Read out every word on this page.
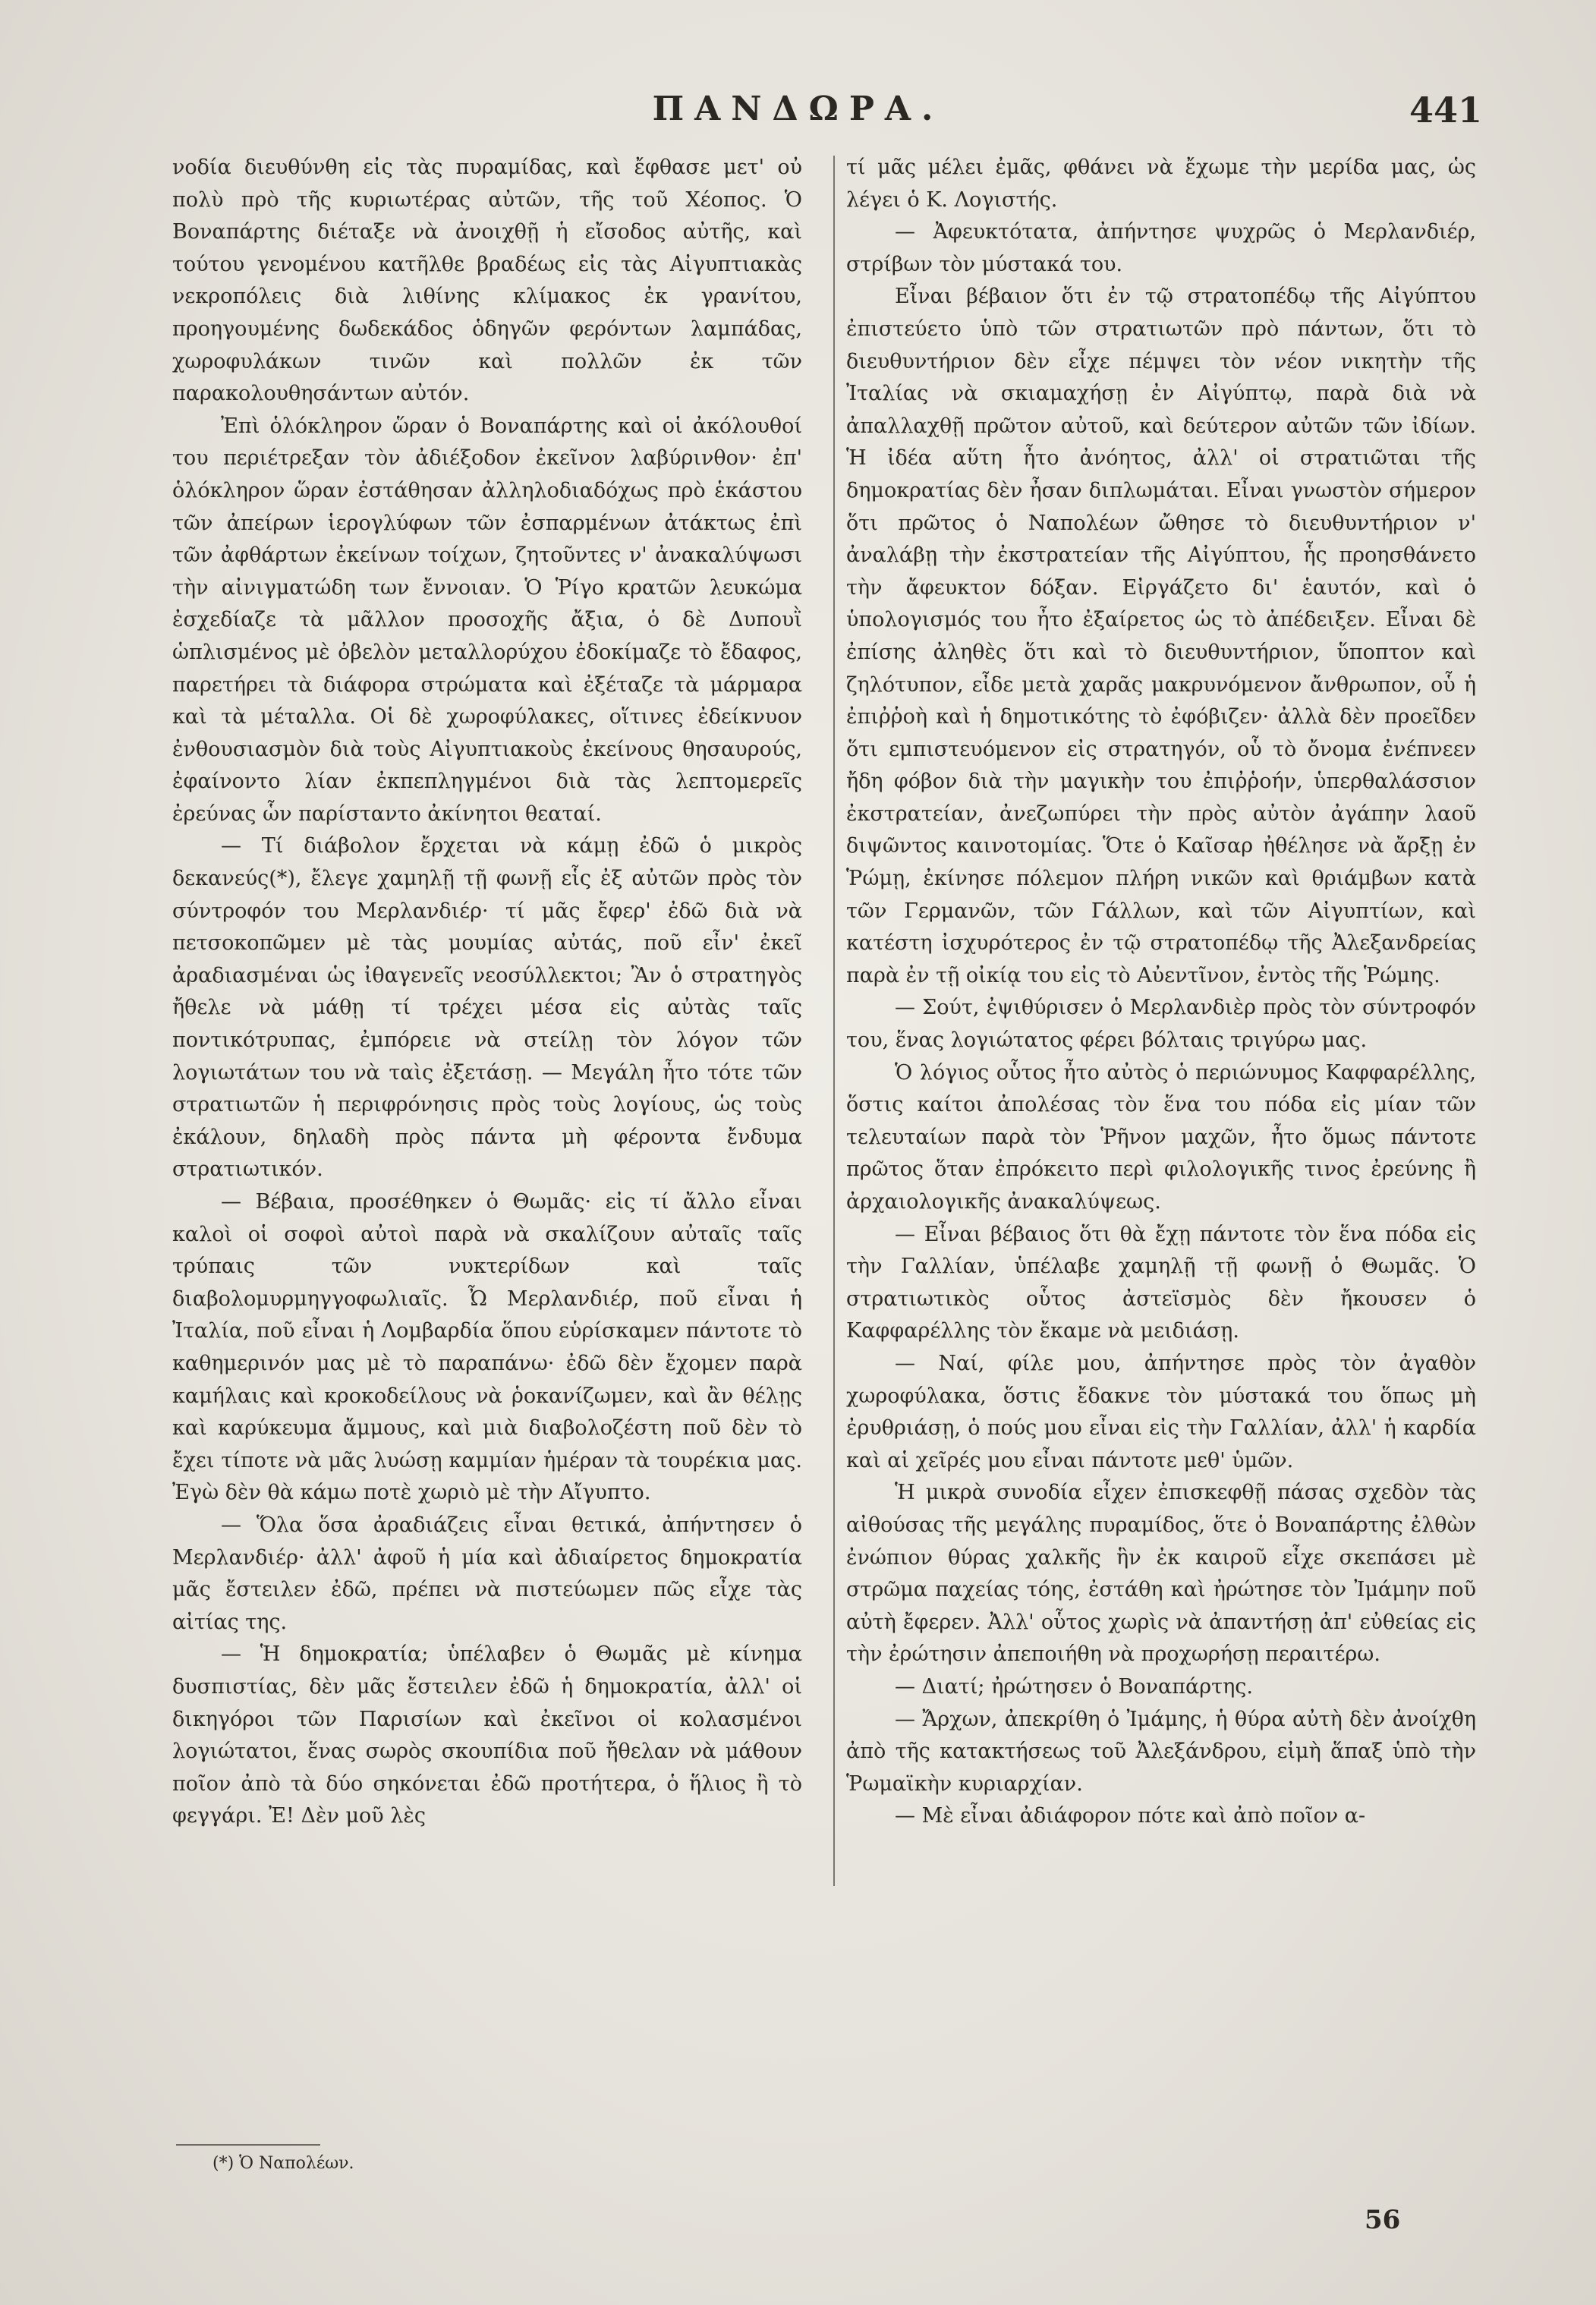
ΠΑΝΔΩΡΑ.	441

νοδία διευθύνθη εἰς τὰς πυραμίδας, καὶ ἔφθασε μετ' οὐ πολὺ πρὸ τῆς κυριωτέρας αὐτῶν, τῆς τοῦ Χέοπος. Ὁ Βοναπάρτης διέταξε νὰ ἀνοιχθῇ ἡ εἴσοδος αὐτῆς, καὶ τούτου γενομένου κατῆλθε βραδέως εἰς τὰς Αἰγυπτιακὰς νεκροπόλεις διὰ λιθίνης κλίμακος ἐκ γρανίτου, προηγουμένης δωδεκάδος ὁδηγῶν φερόντων λαμπάδας, χωροφυλάκων τινῶν καὶ πολλῶν ἐκ τῶν παρακολουθησάντων αὐτόν.

Ἐπὶ ὁλόκληρον ὥραν ὁ Βοναπάρτης καὶ οἱ ἀκόλουθοί του περιέτρεξαν τὸν ἀδιέξοδον ἐκεῖνον λαβύρινθον· ἐπ' ὁλόκληρον ὥραν ἐστάθησαν ἀλληλοδιαδόχως πρὸ ἑκάστου τῶν ἀπείρων ἱερογλύφων τῶν ἐσπαρμένων ἀτάκτως ἐπὶ τῶν ἀφθάρτων ἐκείνων τοίχων, ζητοῦντες ν' ἀνακαλύψωσι τὴν αἰνιγματώδη των ἔννοιαν. Ὁ Ῥίγο κρατῶν λευκώμα ἐσχεδίαζε τὰ μᾶλλον προσοχῆς ἄξια, ὁ δὲ Δυπουῒ ὡπλισμένος μὲ ὀβελὸν μεταλλορύχου ἐδοκίμαζε τὸ ἔδαφος, παρετήρει τὰ διάφορα στρώματα καὶ ἐξέταζε τὰ μάρμαρα καὶ τὰ μέταλλα. Οἱ δὲ χωροφύλακες, οἵτινες ἐδείκνυον ἐνθουσιασμὸν διὰ τοὺς Αἰγυπτιακοὺς ἐκείνους θησαυρούς, ἐφαίνοντο λίαν ἐκπεπληγμένοι διὰ τὰς λεπτομερεῖς ἐρεύνας ὧν παρίσταντο ἀκίνητοι θεαταί.

— Τί διάβολον ἔρχεται νὰ κάμῃ ἐδῶ ὁ μικρὸς δεκανεύς(*), ἔλεγε χαμηλῇ τῇ φωνῇ εἷς ἐξ αὐτῶν πρὸς τὸν σύντροφόν του Μερλανδιέρ· τί μᾶς ἔφερ' ἐδῶ διὰ νὰ πετσοκοπῶμεν μὲ τὰς μουμίας αὐτάς, ποῦ εἶν' ἐκεῖ ἀραδιασμέναι ὡς ἰθαγενεῖς νεοσύλλεκτοι; Ἂν ὁ στρατηγὸς ἤθελε νὰ μάθῃ τί τρέχει μέσα εἰς αὐτὰς ταῖς ποντικότρυπας, ἐμπόρειε νὰ στείλῃ τὸν λόγον τῶν λογιωτάτων του νὰ ταὶς ἐξετάσῃ. — Μεγάλη ἦτο τότε τῶν στρατιωτῶν ἡ περιφρόνησις πρὸς τοὺς λογίους, ὡς τοὺς ἐκάλουν, δηλαδὴ πρὸς πάντα μὴ φέροντα ἔνδυμα στρατιωτικόν.

— Βέβαια, προσέθηκεν ὁ Θωμᾶς· εἰς τί ἄλλο εἶναι καλοὶ οἱ σοφοὶ αὐτοὶ παρὰ νὰ σκαλίζουν αὐταῖς ταῖς τρύπαις τῶν νυκτερίδων καὶ ταῖς διαβολομυρμηγγοφωλιαῖς. Ὦ Μερλανδιέρ, ποῦ εἶναι ἡ Ἰταλία, ποῦ εἶναι ἡ Λομβαρδία ὅπου εὑρίσκαμεν πάντοτε τὸ καθημερινόν μας μὲ τὸ παραπάνω· ἐδῶ δὲν ἔχομεν παρὰ καμήλαις καὶ κροκοδείλους νὰ ῥοκανίζωμεν, καὶ ἂν θέλῃς καὶ καρύκευμα ἄμμους, καὶ μιὰ διαβολοζέστη ποῦ δὲν τὸ ἔχει τίποτε νὰ μᾶς λυώσῃ καμμίαν ἡμέραν τὰ τουρέκια μας. Ἐγὼ δὲν θὰ κάμω ποτὲ χωριὸ μὲ τὴν Αἴγυπτο.

— Ὅλα ὅσα ἀραδιάζεις εἶναι θετικά, ἀπήντησεν ὁ Μερλανδιέρ· ἀλλ' ἀφοῦ ἡ μία καὶ ἀδιαίρετος δημοκρατία μᾶς ἔστειλεν ἐδῶ, πρέπει νὰ πιστεύωμεν πῶς εἶχε τὰς αἰτίας της.

— Ἡ δημοκρατία; ὑπέλαβεν ὁ Θωμᾶς μὲ κίνημα δυσπιστίας, δὲν μᾶς ἔστειλεν ἐδῶ ἡ δημοκρατία, ἀλλ' οἱ δικηγόροι τῶν Παρισίων καὶ ἐκεῖνοι οἱ κολασμένοι λογιώτατοι, ἕνας σωρὸς σκουπίδια ποῦ ἤθελαν νὰ μάθουν ποῖον ἀπὸ τὰ δύο σηκόνεται ἐδῶ προτήτερα, ὁ ἥλιος ἢ τὸ φεγγάρι. Ἐ! Δὲν μοῦ λὲς

τί μᾶς μέλει ἐμᾶς, φθάνει νὰ ἔχωμε τὴν μερίδα μας, ὡς λέγει ὁ Κ. Λογιστής.

— Ἀφευκτότατα, ἀπήντησε ψυχρῶς ὁ Μερλανδιέρ, στρίβων τὸν μύστακά του.

Εἶναι βέβαιον ὅτι ἐν τῷ στρατοπέδῳ τῆς Αἰγύπτου ἐπιστεύετο ὑπὸ τῶν στρατιωτῶν πρὸ πάντων, ὅτι τὸ διευθυντήριον δὲν εἶχε πέμψει τὸν νέον νικητὴν τῆς Ἰταλίας νὰ σκιαμαχήσῃ ἐν Αἰγύπτῳ, παρὰ διὰ νὰ ἀπαλλαχθῇ πρῶτον αὐτοῦ, καὶ δεύτερον αὐτῶν τῶν ἰδίων. Ἡ ἰδέα αὕτη ἦτο ἀνόητος, ἀλλ' οἱ στρατιῶται τῆς δημοκρατίας δὲν ἦσαν διπλωμάται. Εἶναι γνωστὸν σήμερον ὅτι πρῶτος ὁ Ναπολέων ὤθησε τὸ διευθυντήριον ν' ἀναλάβῃ τὴν ἐκστρατείαν τῆς Αἰγύπτου, ἧς προησθάνετο τὴν ἄφευκτον δόξαν. Εἰργάζετο δι' ἑαυτόν, καὶ ὁ ὑπολογισμός του ἦτο ἐξαίρετος ὡς τὸ ἀπέδειξεν. Εἶναι δὲ ἐπίσης ἀληθὲς ὅτι καὶ τὸ διευθυντήριον, ὕποπτον καὶ ζηλότυπον, εἶδε μετὰ χαρᾶς μακρυνόμενον ἄνθρωπον, οὗ ἡ ἐπιῤῥοὴ καὶ ἡ δημοτικότης τὸ ἐφόβιζεν· ἀλλὰ δὲν προεῖδεν ὅτι εμπιστευόμενον εἰς στρατηγόν, οὗ τὸ ὄνομα ἐνέπνεεν ἤδη φόβον διὰ τὴν μαγικὴν του ἐπιῤῥοήν, ὑπερθαλάσσιον ἐκστρατείαν, ἀνεζωπύρει τὴν πρὸς αὐτὸν ἀγάπην λαοῦ διψῶντος καινοτομίας. Ὅτε ὁ Καῖσαρ ἠθέλησε νὰ ἄρξῃ ἐν Ῥώμῃ, ἐκίνησε πόλεμον πλήρη νικῶν καὶ θριάμβων κατὰ τῶν Γερμανῶν, τῶν Γάλλων, καὶ τῶν Αἰγυπτίων, καὶ κατέστη ἰσχυρότερος ἐν τῷ στρατοπέδῳ τῆς Ἀλεξανδρείας παρὰ ἐν τῇ οἰκίᾳ του εἰς τὸ Αὐεντῖνον, ἐντὸς τῆς Ῥώμης.

— Σούτ, ἐψιθύρισεν ὁ Μερλανδιὲρ πρὸς τὸν σύντροφόν του, ἕνας λογιώτατος φέρει βόλταις τριγύρω μας.

Ὁ λόγιος οὗτος ἦτο αὐτὸς ὁ περιώνυμος Καφφαρέλλης, ὅστις καίτοι ἀπολέσας τὸν ἕνα του πόδα εἰς μίαν τῶν τελευταίων παρὰ τὸν Ῥῆνον μαχῶν, ἦτο ὅμως πάντοτε πρῶτος ὅταν ἐπρόκειτο περὶ φιλολογικῆς τινος ἐρεύνης ἢ ἀρχαιολογικῆς ἀνακαλύψεως.

— Εἶναι βέβαιος ὅτι θὰ ἔχῃ πάντοτε τὸν ἕνα πόδα εἰς τὴν Γαλλίαν, ὑπέλαβε χαμηλῇ τῇ φωνῇ ὁ Θωμᾶς. Ὁ στρατιωτικὸς οὗτος ἀστεϊσμὸς δὲν ἤκουσεν ὁ Καφφαρέλλης τὸν ἔκαμε νὰ μειδιάσῃ.

— Ναί, φίλε μου, ἀπήντησε πρὸς τὸν ἀγαθὸν χωροφύλακα, ὅστις ἔδακνε τὸν μύστακά του ὅπως μὴ ἐρυθριάσῃ, ὁ πούς μου εἶναι εἰς τὴν Γαλλίαν, ἀλλ' ἡ καρδία καὶ αἱ χεῖρές μου εἶναι πάντοτε μεθ' ὑμῶν.

Ἡ μικρὰ συνοδία εἶχεν ἐπισκεφθῇ πάσας σχεδὸν τὰς αἰθούσας τῆς μεγάλης πυραμίδος, ὅτε ὁ Βοναπάρτης ἐλθὼν ἐνώπιον θύρας χαλκῆς ἣν ἐκ καιροῦ εἶχε σκεπάσει μὲ στρῶμα παχείας τόης, ἐστάθη καὶ ἠρώτησε τὸν Ἰμάμην ποῦ αὐτὴ ἔφερεν. Ἀλλ' οὗτος χωρὶς νὰ ἀπαντήσῃ ἀπ' εὐθείας εἰς τὴν ἐρώτησιν ἀπεποιήθη νὰ προχωρήσῃ περαιτέρω.

— Διατί; ἠρώτησεν ὁ Βοναπάρτης.

— Ἄρχων, ἀπεκρίθη ὁ Ἰμάμης, ἡ θύρα αὐτὴ δὲν ἀνοίχθη ἀπὸ τῆς κατακτήσεως τοῦ Ἀλεξάνδρου, εἰμὴ ἅπαξ ὑπὸ τὴν Ῥωμαϊκὴν κυριαρχίαν.

— Μὲ εἶναι ἀδιάφορον πότε καὶ ἀπὸ ποῖον α-

(*) Ὁ Ναπολέων.
56
